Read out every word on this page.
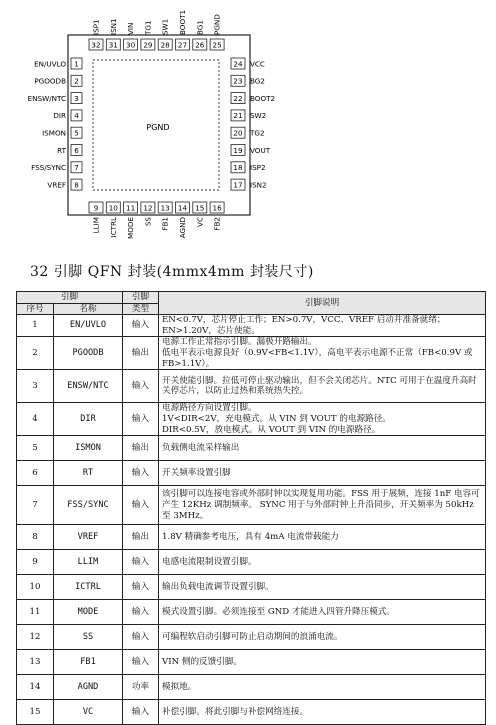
PGND
1
EN/UVLO
2
PGOODB
3
ENSW/NTC
4
DIR
5
ISMON
6
RT
7
FSS/SYNC
8
VREF
24 VCC
23 BG2
22 BOOT2
21 SW2
20 TG2
19 VOUT
18 ISP2
17 ISN2
9
LLIM
10
ICTRL
11
MODE
12
SS
13
FB1
14
AGND
15
VC
16
FB2
32
ISP1
31
ISN1
30
VIN
29
TG1
28
SW1
27
BOOT1
26
BG1
25
PGND
32 引脚 QFN 封装(4mmx4mm 封装尺寸)
引脚		引脚	引脚说明
序号	名称	类型	
1	EN/UVLO	输入	EN<0.7V，芯片停止工作；EN>0.7V，VCC、VREF 启动并准备就绪； EN>1.20V，芯片使能。

2	PGOODB	输出	电源工作正常指示引脚。漏极开路输出。
低电平表示电源良好（0.9V<FB<1.1V），高电平表示电源不正常（FB<0.9V 或 FB>1.1V）。

3	ENSW/NTC	输入	开关使能引脚。拉低可停止驱动输出，但不会关闭芯片。NTC 可用于在温度升高时关停芯片，以防止过热和系统热失控。

4	DIR	输入	电源路径方向设置引脚。
1V<DIR<2V，充电模式。从 VIN 到 VOUT 的电源路径。
DIR<0.5V，放电模式。从 VOUT 到 VIN 的电源路径。

5	ISMON	输出	负载侧电流采样输出

6	RT	输入	开关频率设置引脚

7	FSS/SYNC	输入	该引脚可以连接电容或外部时钟以实现复用功能。FSS 用于展频，连接 1nF 电容可产生 12KHz 调制频率。 SYNC 用于与外部时钟上升沿同步，开关频率为 50kHz 至 3MHz。

8	VREF	输出	1.8V 精确参考电压，具有 4mA 电流带载能力

9	LLIM	输入	电感电流限制设置引脚。

10	ICTRL	输入	输出负载电流调节设置引脚。

11	MODE	输入	模式设置引脚。必须连接至 GND 才能进入四管升降压模式。

12	SS	输入	可编程软启动引脚可防止启动期间的浪涌电流。

13	FB1	输入	VIN 侧的反馈引脚。

14	AGND	功率	模拟地。

15	VC	输入	补偿引脚。将此引脚与补偿网络连接。
